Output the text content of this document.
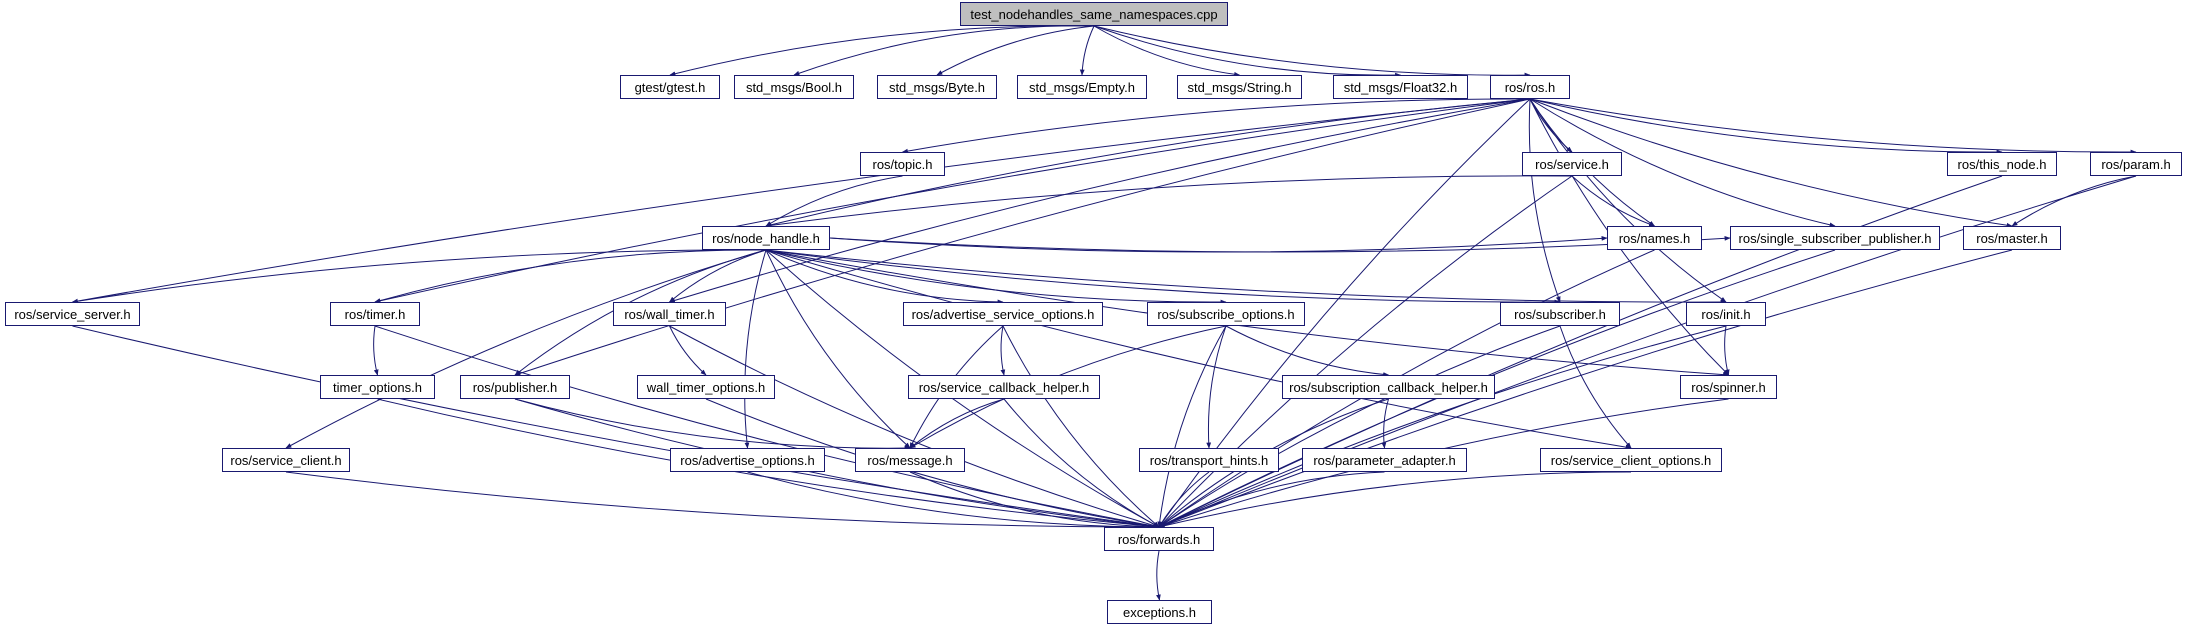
test_nodehandles_same_namespaces.cpp
gtest/gtest.h	std_msgs/Bool.h	std_msgs/Byte.h	std_msgs/Empty.h	std_msgs/String.h	std_msgs/Float32.h	ros/ros.h
ros/topic.h	ros/service.h	ros/this_node.h	ros/param.h
ros/node_handle.h	ros/names.h	ros/single_subscriber_publisher.h	ros/master.h
ros/service_server.h	ros/timer.h	ros/wall_timer.h	ros/advertise_service_options.h	ros/subscribe_options.h	ros/subscriber.h	ros/init.h
timer_options.h	ros/publisher.h	wall_timer_options.h	ros/service_callback_helper.h	ros/subscription_callback_helper.h	ros/spinner.h
ros/service_client.h	ros/advertise_options.h	ros/message.h	ros/transport_hints.h	ros/parameter_adapter.h	ros/service_client_options.h
ros/forwards.h
exceptions.h
